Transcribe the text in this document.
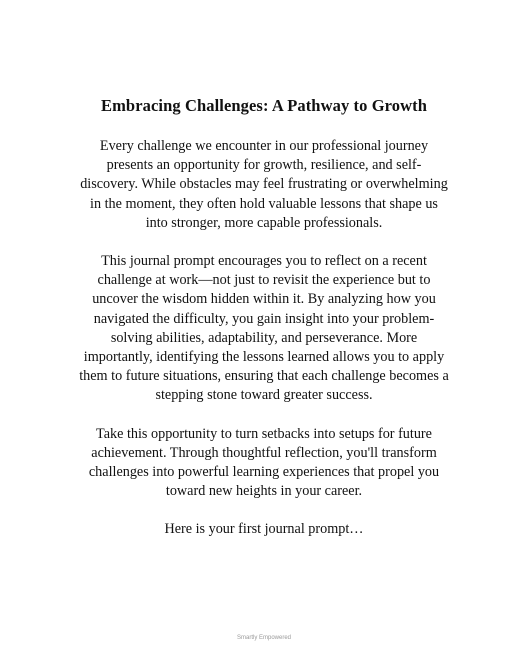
Embracing Challenges: A Pathway to Growth

Every challenge we encounter in our professional journey presents an opportunity for growth, resilience, and self-discovery. While obstacles may feel frustrating or overwhelming in the moment, they often hold valuable lessons that shape us into stronger, more capable professionals.

This journal prompt encourages you to reflect on a recent challenge at work—not just to revisit the experience but to uncover the wisdom hidden within it. By analyzing how you navigated the difficulty, you gain insight into your problem-solving abilities, adaptability, and perseverance. More importantly, identifying the lessons learned allows you to apply them to future situations, ensuring that each challenge becomes a stepping stone toward greater success.

Take this opportunity to turn setbacks into setups for future achievement. Through thoughtful reflection, you'll transform challenges into powerful learning experiences that propel you toward new heights in your career.

Here is your first journal prompt…

Smartly Empowered
